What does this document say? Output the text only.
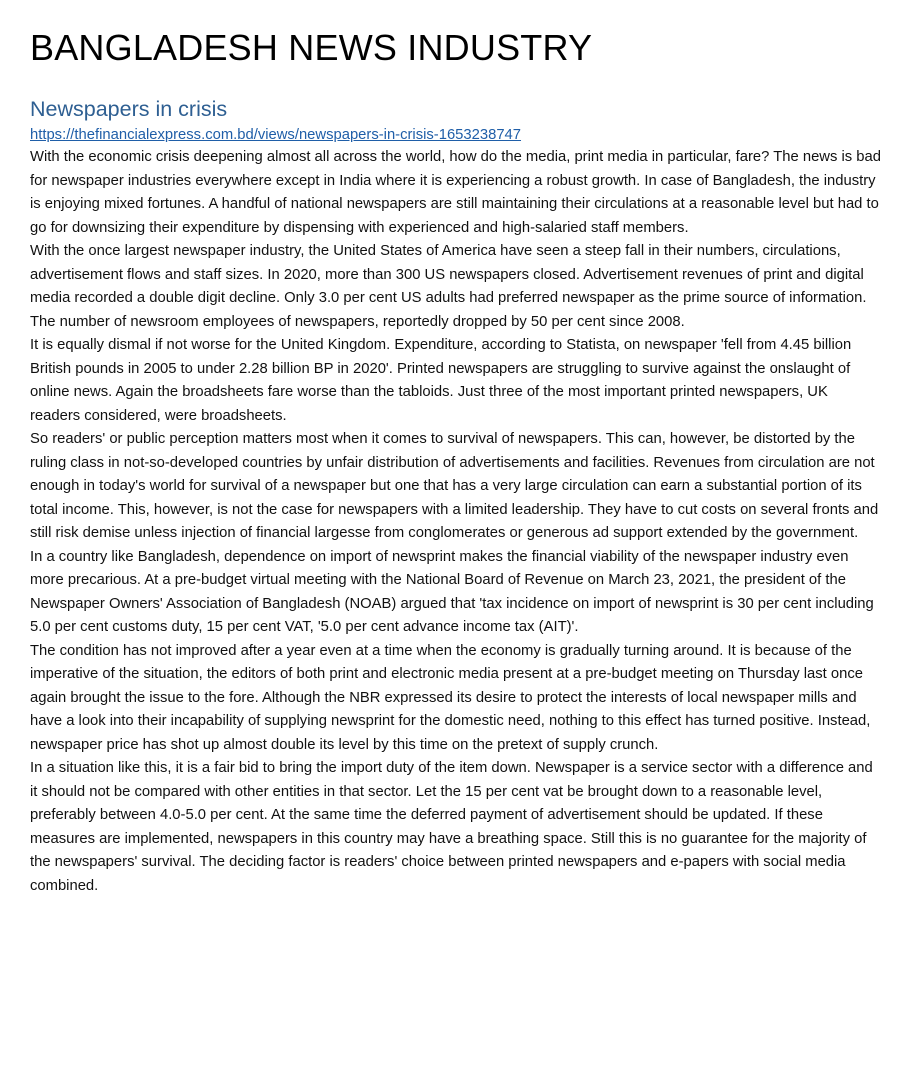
BANGLADESH NEWS INDUSTRY
Newspapers in crisis
https://thefinancialexpress.com.bd/views/newspapers-in-crisis-1653238747

With the economic crisis deepening almost all across the world, how do the media, print media in particular, fare? The news is bad for newspaper industries everywhere except in India where it is experiencing a robust growth. In case of Bangladesh, the industry is enjoying mixed fortunes. A handful of national newspapers are still maintaining their circulations at a reasonable level but had to go for downsizing their expenditure by dispensing with experienced and high-salaried staff members.

With the once largest newspaper industry, the United States of America have seen a steep fall in their numbers, circulations, advertisement flows and staff sizes. In 2020, more than 300 US newspapers closed. Advertisement revenues of print and digital media recorded a double digit decline. Only 3.0 per cent US adults had preferred newspaper as the prime source of information. The number of newsroom employees of newspapers, reportedly dropped by 50 per cent since 2008.

It is equally dismal if not worse for the United Kingdom. Expenditure, according to Statista, on newspaper 'fell from 4.45 billion British pounds in 2005 to under 2.28 billion BP in 2020'. Printed newspapers are struggling to survive against the onslaught of online news. Again the broadsheets fare worse than the tabloids. Just three of the most important printed newspapers, UK readers considered, were broadsheets.

So readers' or public perception matters most when it comes to survival of newspapers. This can, however, be distorted by the ruling class in not-so-developed countries by unfair distribution of advertisements and facilities. Revenues from circulation are not enough in today's world for survival of a newspaper but one that has a very large circulation can earn a substantial portion of its total income. This, however, is not the case for newspapers with a limited leadership. They have to cut costs on several fronts and still risk demise unless injection of financial largesse from conglomerates or generous ad support extended by the government.

In a country like Bangladesh, dependence on import of newsprint makes the financial viability of the newspaper industry even more precarious. At a pre-budget virtual meeting with the National Board of Revenue on March 23, 2021, the president of the Newspaper Owners' Association of Bangladesh (NOAB) argued that 'tax incidence on import of newsprint is 30 per cent including 5.0 per cent customs duty, 15 per cent VAT, '5.0 per cent advance income tax (AIT)'.

The condition has not improved after a year even at a time when the economy is gradually turning around. It is because of the imperative of the situation, the editors of both print and electronic media present at a pre-budget meeting on Thursday last once again brought the issue to the fore. Although the NBR expressed its desire to protect the interests of local newspaper mills and have a look into their incapability of supplying newsprint for the domestic need, nothing to this effect has turned positive. Instead, newspaper price has shot up almost double its level by this time on the pretext of supply crunch.

In a situation like this, it is a fair bid to bring the import duty of the item down. Newspaper is a service sector with a difference and it should not be compared with other entities in that sector. Let the 15 per cent vat be brought down to a reasonable level, preferably between 4.0-5.0 per cent. At the same time the deferred payment of advertisement should be updated. If these measures are implemented, newspapers in this country may have a breathing space. Still this is no guarantee for the majority of the newspapers' survival. The deciding factor is readers' choice between printed newspapers and e-papers with social media combined.
